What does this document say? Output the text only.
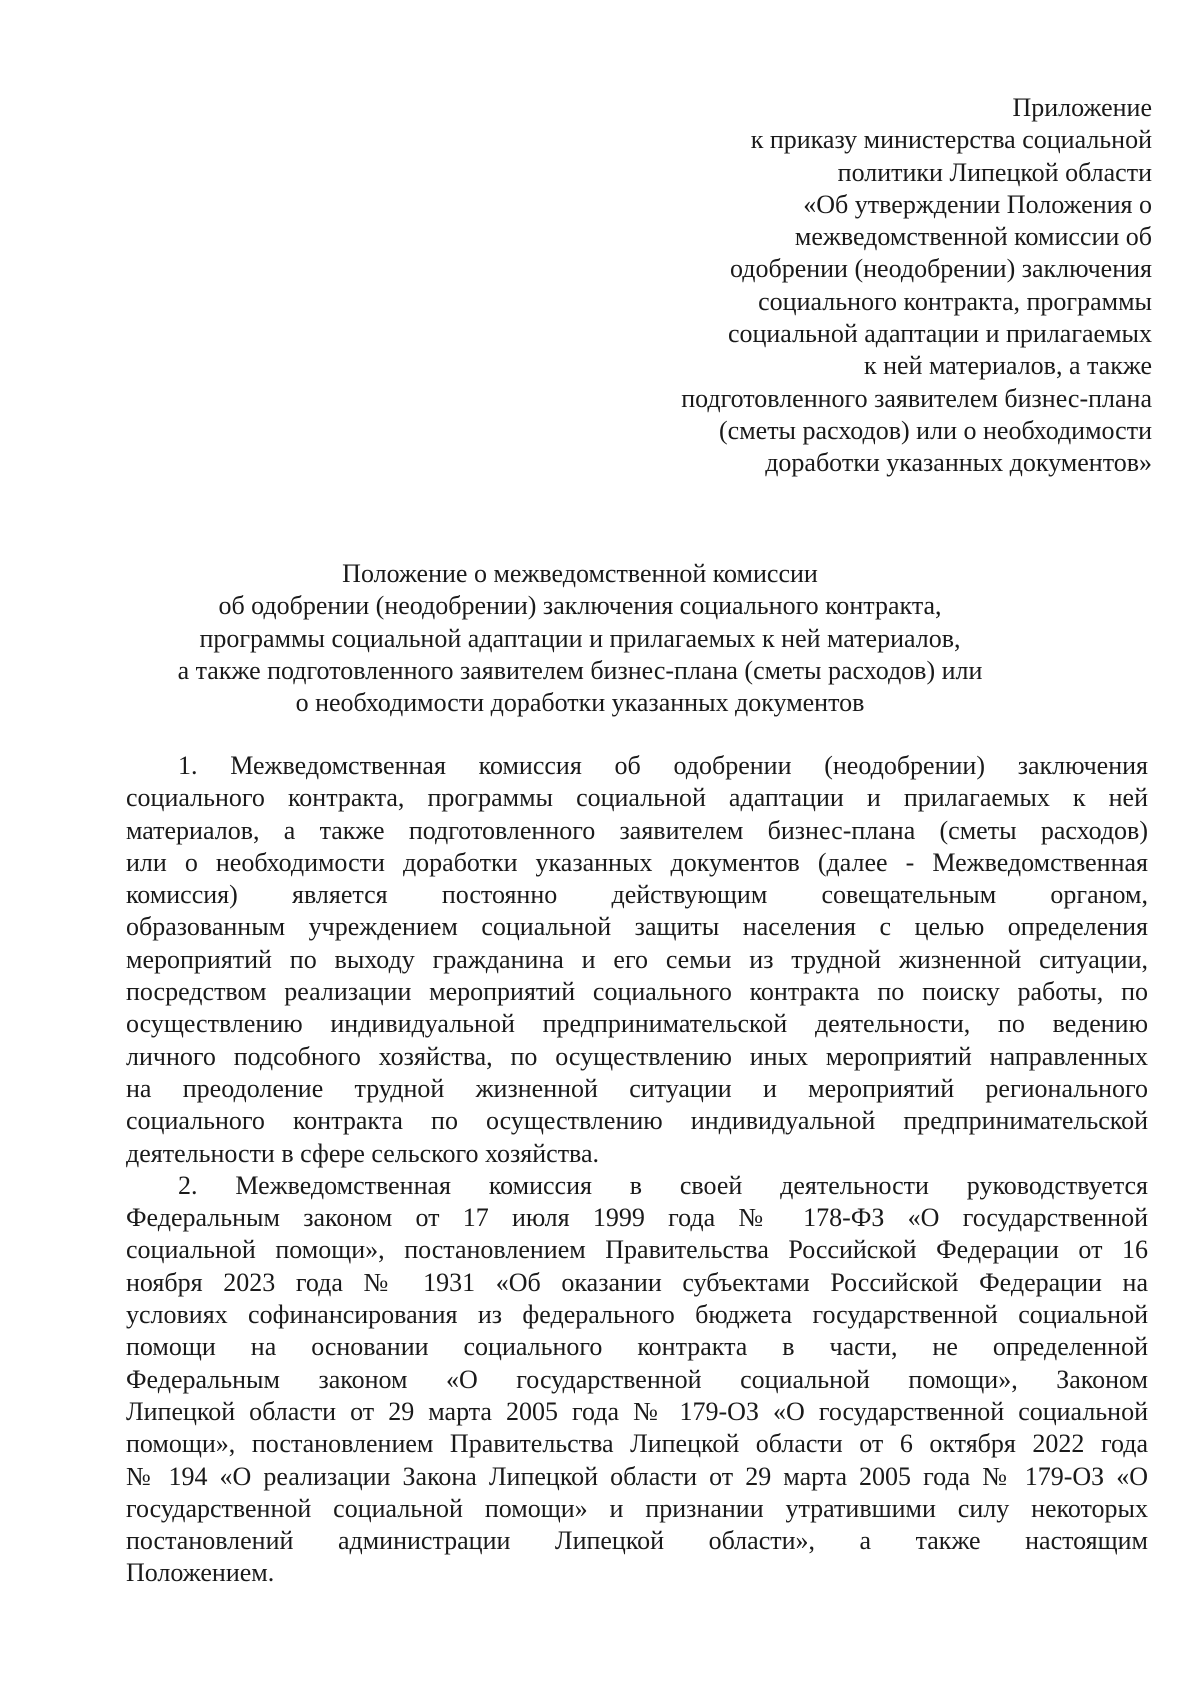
Приложение
к приказу министерства социальной
политики Липецкой области
«Об утверждении Положения о
межведомственной комиссии об
одобрении (неодобрении) заключения
социального контракта, программы
социальной адаптации и прилагаемых
к ней материалов, а также
подготовленного заявителем бизнес-плана
(сметы расходов) или о необходимости
доработки указанных документов»
Положение о межведомственной комиссии
об одобрении (неодобрении) заключения социального контракта,
программы социальной адаптации и прилагаемых к ней материалов,
а также подготовленного заявителем бизнес-плана (сметы расходов) или
о необходимости доработки указанных документов
1. Межведомственная комиссия об одобрении (неодобрении) заключения
социального контракта, программы социальной адаптации и прилагаемых к ней
материалов, а также подготовленного заявителем бизнес-плана (сметы расходов)
или о необходимости доработки указанных документов (далее - Межведомственная
комиссия) является постоянно действующим совещательным органом,
образованным учреждением социальной защиты населения с целью определения
мероприятий по выходу гражданина и его семьи из трудной жизненной ситуации,
посредством реализации мероприятий социального контракта по поиску работы, по
осуществлению индивидуальной предпринимательской деятельности, по ведению
личного подсобного хозяйства, по осуществлению иных мероприятий направленных
на преодоление трудной жизненной ситуации и мероприятий регионального
социального контракта по осуществлению индивидуальной предпринимательской
деятельности в сфере сельского хозяйства.
2. Межведомственная комиссия в своей деятельности руководствуется
Федеральным законом от 17 июля 1999 года № 178-ФЗ «О государственной
социальной помощи», постановлением Правительства Российской Федерации от 16
ноября 2023 года № 1931 «Об оказании субъектами Российской Федерации на
условиях софинансирования из федерального бюджета государственной социальной
помощи на основании социального контракта в части, не определенной
Федеральным законом «О государственной социальной помощи», Законом
Липецкой области от 29 марта 2005 года № 179-ОЗ «О государственной социальной
помощи», постановлением Правительства Липецкой области от 6 октября 2022 года
№ 194 «О реализации Закона Липецкой области от 29 марта 2005 года № 179-ОЗ «О
государственной социальной помощи» и признании утратившими силу некоторых
постановлений администрации Липецкой области», а также настоящим
Положением.
